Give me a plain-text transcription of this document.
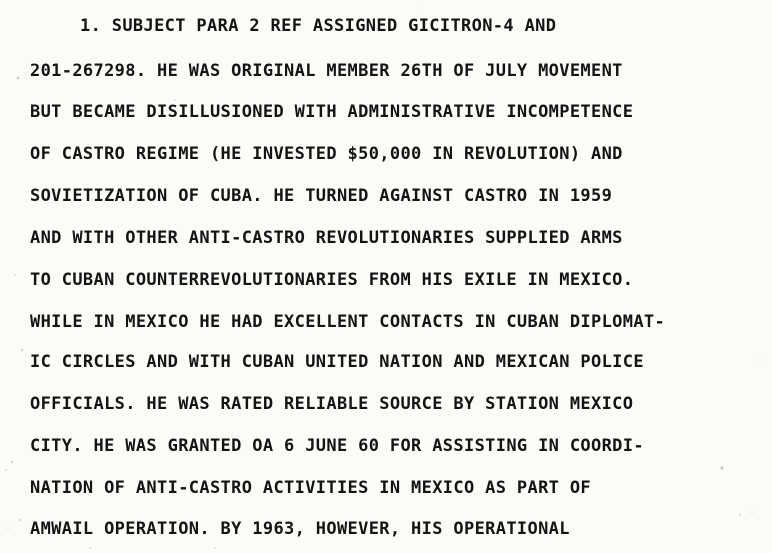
1. SUBJECT PARA 2 REF ASSIGNED GICITRON-4 AND
201-267298. HE WAS ORIGINAL MEMBER 26TH OF JULY MOVEMENT
BUT BECAME DISILLUSIONED WITH ADMINISTRATIVE INCOMPETENCE
OF CASTRO REGIME (HE INVESTED $50,000 IN REVOLUTION) AND
SOVIETIZATION OF CUBA. HE TURNED AGAINST CASTRO IN 1959
AND WITH OTHER ANTI-CASTRO REVOLUTIONARIES SUPPLIED ARMS
TO CUBAN COUNTERREVOLUTIONARIES FROM HIS EXILE IN MEXICO.
WHILE IN MEXICO HE HAD EXCELLENT CONTACTS IN CUBAN DIPLOMAT-
IC CIRCLES AND WITH CUBAN UNITED NATION AND MEXICAN POLICE
OFFICIALS. HE WAS RATED RELIABLE SOURCE BY STATION MEXICO
CITY. HE WAS GRANTED OA 6 JUNE 60 FOR ASSISTING IN COORDI-
NATION OF ANTI-CASTRO ACTIVITIES IN MEXICO AS PART OF
AMWAIL OPERATION. BY 1963, HOWEVER, HIS OPERATIONAL
